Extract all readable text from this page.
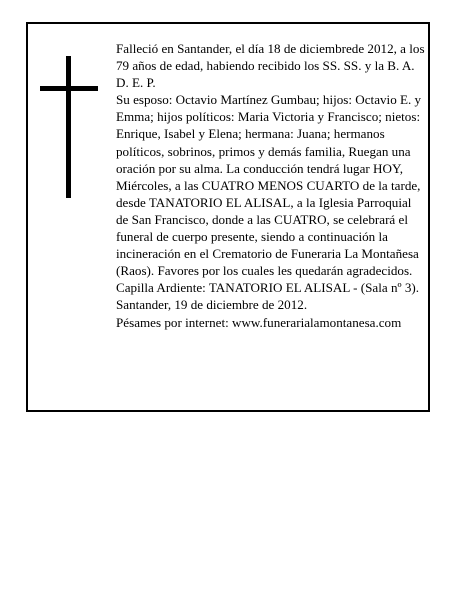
Falleció en Santander, el día 18 de diciembrede 2012, a los 79 años de edad, habiendo recibido los SS. SS. y la B. A.

D. E. P.

Su esposo: Octavio Martínez Gumbau; hijos: Octavio E. y Emma; hijos políticos: Maria Victoria y Francisco; nietos: Enrique, Isabel y Elena; hermana: Juana; hermanos políticos, sobrinos, primos y demás familia, Ruegan una oración por su alma. La conducción tendrá lugar HOY, Miércoles, a las CUATRO MENOS CUARTO de la tarde, desde TANATORIO EL ALISAL, a la Iglesia Parroquial de San Francisco, donde a las CUATRO, se celebrará el funeral de cuerpo presente, siendo a continuación la incineración en el Crematorio de Funeraria La Montañesa (Raos). Favores por los cuales les quedarán agradecidos. Capilla Ardiente: TANATORIO EL ALISAL - (Sala nº 3).

Santander, 19 de diciembre de 2012.

Pésames por internet: www.funerarialamontanesa.com
